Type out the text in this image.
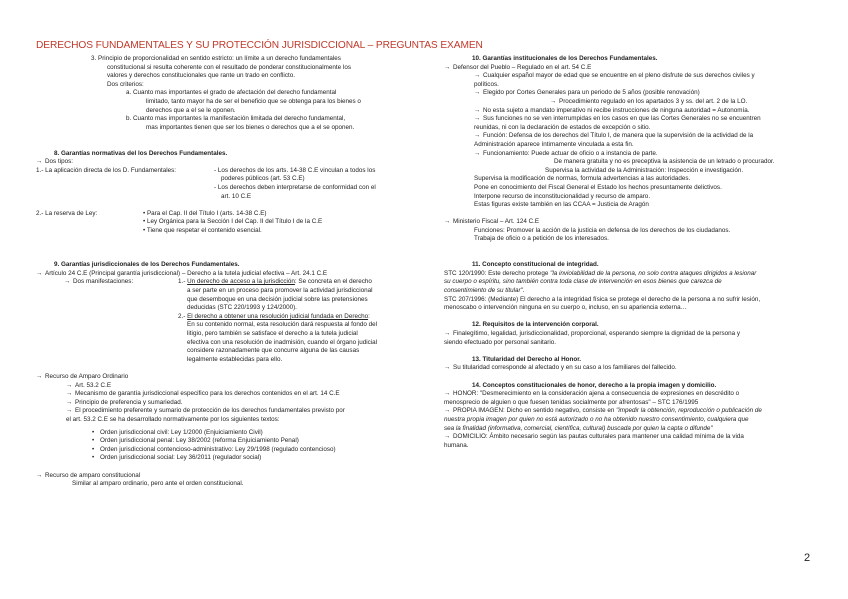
DERECHOS FUNDAMENTALES Y SU PROTECCIÓN JURISDICCIONAL – PREGUNTAS EXAMEN
3. Principio de proporcionalidad en sentido estricto: un límite a un derecho fundamentales
constitucional si resulta coherente con el resultado de ponderar constitucionalmente los
valores y derechos constitucionales que rante un trado en conflicto.
Dos criterios:
a. Cuanto mas importantes el grado de afectación del derecho fundamental
limitado, tanto mayor ha de ser el beneficio que se obtenga para los bienes o
derechos que a el se le oponen.
b. Cuanto mas importantes la manifestación limitada del derecho fundamental,
mas importantes tienen que ser los bienes o derechos que a el se oponen.
8. Garantías normativas del los Derechos Fundamentales.
→ Dos tipos:
1.- La aplicación directa de los D. Fundamentales:	- Los derechos de los arts. 14-38 C.E vinculan a todos los
poderes públicos (art. 53 C.E)
- Los derechos deben interpretarse de conformidad con el
art. 10 C.E
2.- La reserva de Ley:	• Para el Cap. II del Título I (arts. 14-38 C.E)
• Ley Orgánica para la Sección I del Cap. II del Título I de la C.E
• Tiene que respetar el contenido esencial.
9. Garantías jurisdiccionales de los Derechos Fundamentales.
→ Artículo 24 C.E (Principal garantía jurisdiccional) – Derecho a la tutela judicial efectiva – Art. 24.1 C.E
→ Dos manifestaciones:	1.- Un derecho de acceso a la jurisdicción: Se concreta en el derecho
a ser parte en un proceso para promover la actividad jurisdiccional
que desemboque en una decisión judicial sobre las pretensiones
deducidas (STC 220/1993 y 124/2000).
2.- El derecho a obtener una resolución judicial fundada en Derecho:
En su contenido normal, esta resolución dará respuesta al fondo del
litigio, pero también se satisface el derecho a la tutela judicial
efectiva con una resolución de inadmisión, cuando el órgano judicial
considere razonadamente que concurre alguna de las causas
legalmente establecidas para ello.
→ Recurso de Amparo Ordinario
→ Art. 53.2 C.E
→ Mecanismo de garantía jurisdiccional especifico para los derechos contenidos en el art. 14 C.E
→ Principio de preferencia y sumariedad.
→ El procedimiento preferente y sumario de protección de los derechos fundamentales previsto por
el art. 53.2 C.E se ha desarrollado normativamente por los siguientes textos:
• Orden jurisdiccional civil: Ley 1/2000 (Enjuiciamiento Civil)
• Orden jurisdiccional penal: Ley 38/2002 (reforma Enjuiciamiento Penal)
• Orden jurisdiccional contencioso-administrativo: Ley 29/1998 (regulado contencioso)
• Orden jurisdiccional social: Ley 36/2011 (regulador social)
→ Recurso de amparo constitucional
Similar al amparo ordinario, pero ante el orden constitucional.
10. Garantías institucionales de los Derechos Fundamentales.
→ Defensor del Pueblo – Regulado en el art. 54 C.E
→ Cualquier español mayor de edad que se encuentre en el pleno disfrute de sus derechos civiles y
políticos.
→ Elegido por Cortes Generales para un periodo de 5 años (posible renovación)
→ Procedimiento regulado en los apartados 3 y ss. del art. 2 de la LO.
→ No esta sujeto a mandato imperativo ni recibe instrucciones de ninguna autoridad = Autonomía.
→ Sus funciones no se ven interrumpidas en los casos en que las Cortes Generales no se encuentren
reunidas, ni con la declaración de estados de excepción o sitio.
→ Función: Defensa de los derechos del Título I, de manera que la supervisión de la actividad de la
Administración aparece íntimamente vinculada a esta fin.
→ Funcionamiento: Puede actuar de oficio o a instancia de parte.
De manera gratuita y no es preceptiva la asistencia de un letrado o procurador.
Supervisa la actividad de la Administración: Inspección e investigación.
Supervisa la modificación de normas, formula advertencias a las autoridades.
Pone en conocimiento del Fiscal General el Estado los hechos presuntamente delictivos.
Interpone recurso de inconstitucionalidad y recurso de amparo.
Estas figuras existe también en las CCAA = Justicia de Aragón
→ Ministerio Fiscal – Art. 124 C.E
Funciones: Promover la acción de la justicia en defensa de los derechos de los ciudadanos.
Trabaja de oficio o a petición de los interesados.
11. Concepto constitucional de integridad.
STC 120/1990: Este derecho protege "la inviolabilidad de la persona, no solo contra ataques dirigidos a lesionar
su cuerpo o espíritu, sino también contra toda clase de intervención en esos bienes que carezca de
consentimiento de su titular".
STC 207/1996: (Mediante) El derecho a la integridad física se protege el derecho de la persona a no sufrir lesión,
menoscabo o intervención ninguna en su cuerpo o, incluso, en su apariencia externa…
12. Requisitos de la intervención corporal.
→ Finalegítimo, legalidad, jurisdiccionalidad, proporcional, esperando siempre la dignidad de la persona y
siendo efectuado por personal sanitario.
13. Titularidad del Derecho al Honor.
→ Su titularidad corresponde al afectado y en su caso a los familiares del fallecido.
14. Conceptos constitucionales de honor, derecho a la propia imagen y domicilio.
→ HONOR: "Desmerecimiento en la consideración ajena a consecuencia de expresiones en descrédito o
menosprecio de alguien o que fuesen tenidas socialmente por afrentosas" – STC 176/1995
→ PROPIA IMAGEN: Dicho en sentido negativo, consiste en "impedir la obtención, reproducción o publicación de
nuestra propia imagen por quien no está autorizado o no ha obtenido nuestro consentimiento, cualquiera que
sea la finalidad (informativa, comercial, científica, cultural) buscada por quien la capta o difunde"
→ DOMICILIO: Ámbito necesario según las pautas culturales para mantener una calidad mínima de la vida
humana.
2
